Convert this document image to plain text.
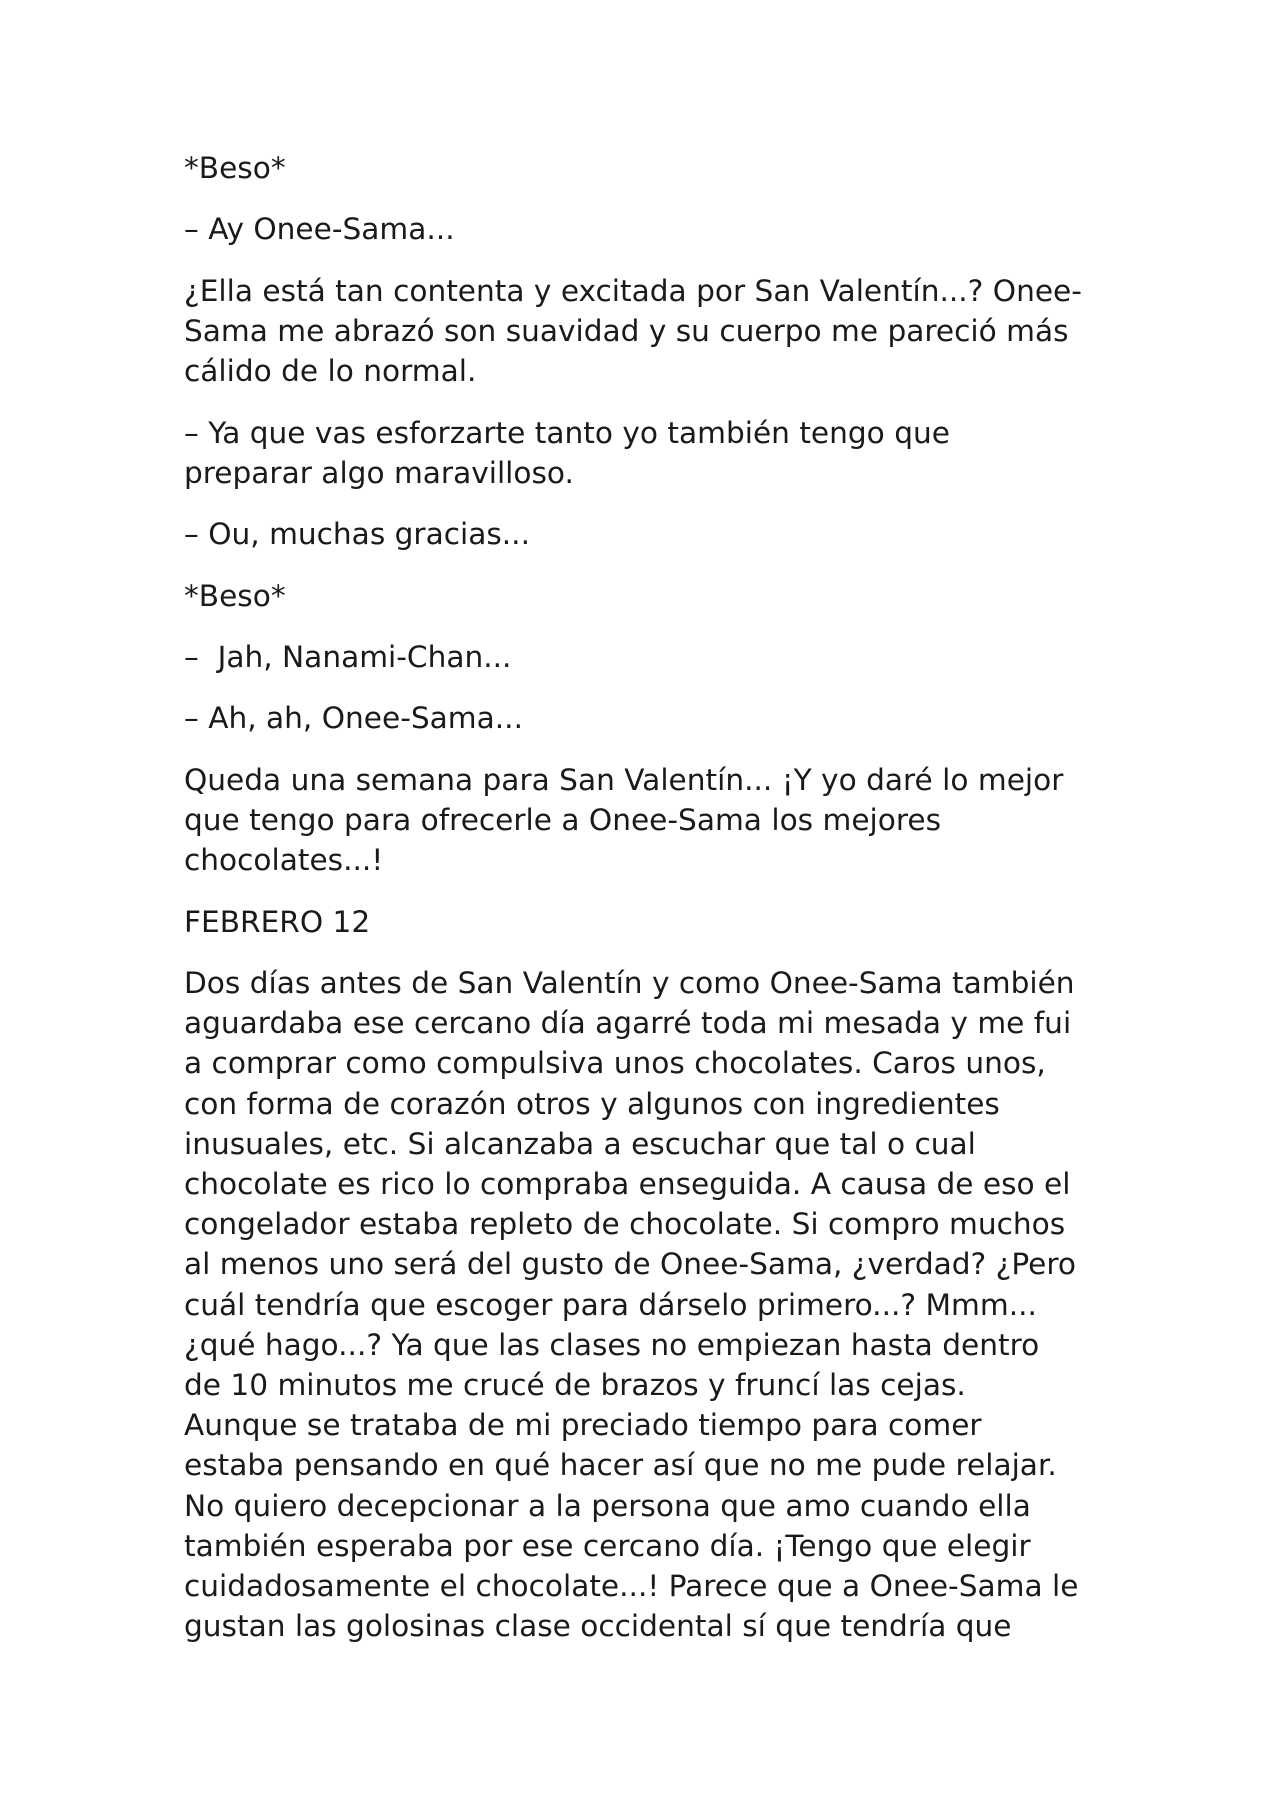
*Beso*

– Ay Onee-Sama...

¿Ella está tan contenta y excitada por San Valentín...? Onee-
Sama me abrazó son suavidad y su cuerpo me pareció más
cálido de lo normal.

– Ya que vas esforzarte tanto yo también tengo que
preparar algo maravilloso.

– Ou, muchas gracias...

*Beso*

–  Jah, Nanami-Chan...

– Ah, ah, Onee-Sama...

Queda una semana para San Valentín... ¡Y yo daré lo mejor
que tengo para ofrecerle a Onee-Sama los mejores
chocolates...!

FEBRERO 12

Dos días antes de San Valentín y como Onee-Sama también
aguardaba ese cercano día agarré toda mi mesada y me fui
a comprar como compulsiva unos chocolates. Caros unos,
con forma de corazón otros y algunos con ingredientes
inusuales, etc. Si alcanzaba a escuchar que tal o cual
chocolate es rico lo compraba enseguida. A causa de eso el
congelador estaba repleto de chocolate. Si compro muchos
al menos uno será del gusto de Onee-Sama, ¿verdad? ¿Pero
cuál tendría que escoger para dárselo primero...? Mmm...
¿qué hago...? Ya que las clases no empiezan hasta dentro
de 10 minutos me crucé de brazos y fruncí las cejas.
Aunque se trataba de mi preciado tiempo para comer
estaba pensando en qué hacer así que no me pude relajar.
No quiero decepcionar a la persona que amo cuando ella
también esperaba por ese cercano día. ¡Tengo que elegir
cuidadosamente el chocolate...! Parece que a Onee-Sama le
gustan las golosinas clase occidental sí que tendría que
